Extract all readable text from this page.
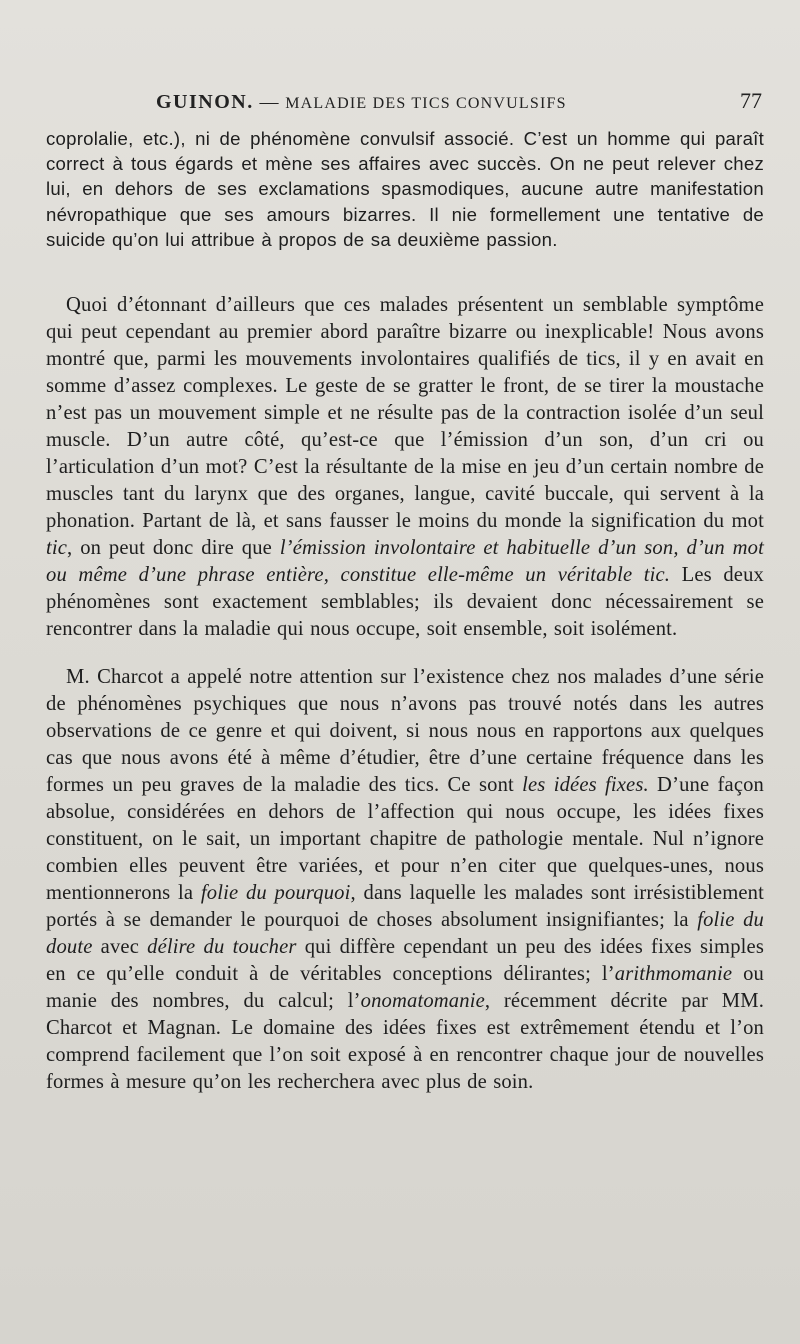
GUINON. — MALADIE DES TICS CONVULSIFS	77

coprolalie, etc.), ni de phénomène convulsif associé. C’est un homme qui paraît correct à tous égards et mène ses affaires avec succès. On ne peut relever chez lui, en dehors de ses exclamations spasmodiques, aucune autre manifestation névropathique que ses amours bizarres. Il nie formellement une tentative de suicide qu’on lui attribue à propos de sa deuxième passion.

Quoi d’étonnant d’ailleurs que ces malades présentent un semblable symptôme qui peut cependant au premier abord paraître bizarre ou inexplicable! Nous avons montré que, parmi les mouvements involontaires qualifiés de tics, il y en avait en somme d’assez complexes. Le geste de se gratter le front, de se tirer la moustache n’est pas un mouvement simple et ne résulte pas de la contraction isolée d’un seul muscle. D’un autre côté, qu’est-ce que l’émission d’un son, d’un cri ou l’articulation d’un mot? C’est la résultante de la mise en jeu d’un certain nombre de muscles tant du larynx que des organes, langue, cavité buccale, qui servent à la phonation. Partant de là, et sans fausser le moins du monde la signification du mot tic, on peut donc dire que l’émission involontaire et habituelle d’un son, d’un mot ou même d’une phrase entière, constitue elle-même un véritable tic. Les deux phénomènes sont exactement semblables; ils devaient donc nécessairement se rencontrer dans la maladie qui nous occupe, soit ensemble, soit isolément.

M. Charcot a appelé notre attention sur l’existence chez nos malades d’une série de phénomènes psychiques que nous n’avons pas trouvé notés dans les autres observations de ce genre et qui doivent, si nous nous en rapportons aux quelques cas que nous avons été à même d’étudier, être d’une certaine fréquence dans les formes un peu graves de la maladie des tics. Ce sont les idées fixes. D’une façon absolue, considérées en dehors de l’affection qui nous occupe, les idées fixes constituent, on le sait, un important chapitre de pathologie mentale. Nul n’ignore combien elles peuvent être variées, et pour n’en citer que quelques-unes, nous mentionnerons la folie du pourquoi, dans laquelle les malades sont irrésistiblement portés à se demander le pourquoi de choses absolument insignifiantes; la folie du doute avec délire du toucher qui diffère cependant un peu des idées fixes simples en ce qu’elle conduit à de véritables conceptions délirantes; l’arithmomanie ou manie des nombres, du calcul; l’onomatomanie, récemment décrite par MM. Charcot et Magnan. Le domaine des idées fixes est extrêmement étendu et l’on comprend facilement que l’on soit exposé à en rencontrer chaque jour de nouvelles formes à mesure qu’on les recherchera avec plus de soin.
